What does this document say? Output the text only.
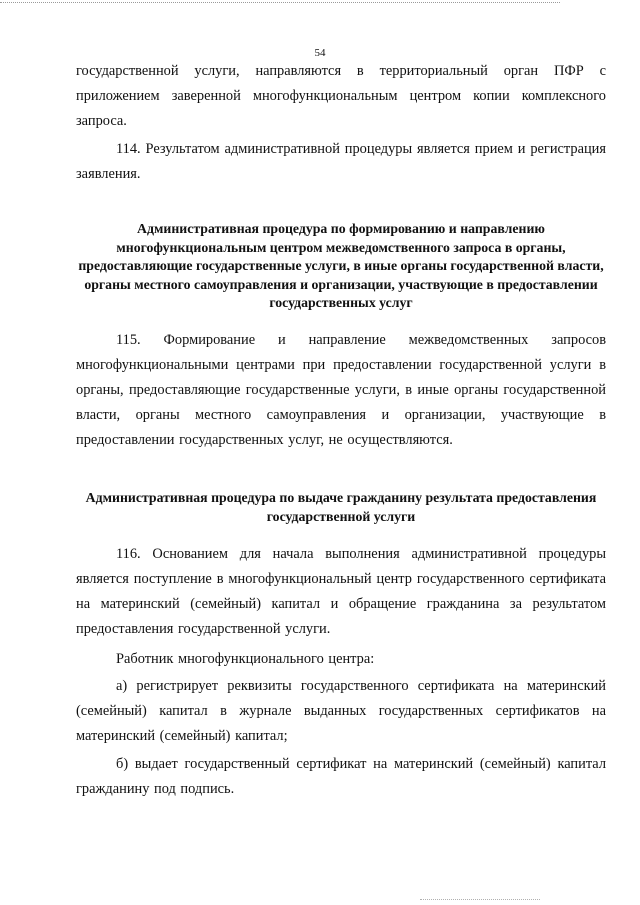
54

государственной услуги, направляются в территориальный орган ПФР с приложением заверенной многофункциональным центром копии комплексного запроса.

114. Результатом административной процедуры является прием и регистрация заявления.

Административная процедура по формированию и направлению многофункциональным центром межведомственного запроса в органы, предоставляющие государственные услуги, в иные органы государственной власти, органы местного самоуправления и организации, участвующие в предоставлении государственных услуг

115. Формирование и направление межведомственных запросов многофункциональными центрами при предоставлении государственной услуги в органы, предоставляющие государственные услуги, в иные органы государственной власти, органы местного самоуправления и организации, участвующие в предоставлении государственных услуг, не осуществляются.

Административная процедура по выдаче гражданину результата предоставления государственной услуги

116. Основанием для начала выполнения административной процедуры является поступление в многофункциональный центр государственного сертификата на материнский (семейный) капитал и обращение гражданина за результатом предоставления государственной услуги.

Работник многофункционального центра:

а) регистрирует реквизиты государственного сертификата на материнский (семейный) капитал в журнале выданных государственных сертификатов на материнский (семейный) капитал;

б) выдает государственный сертификат на материнский (семейный) капитал гражданину под подпись.
